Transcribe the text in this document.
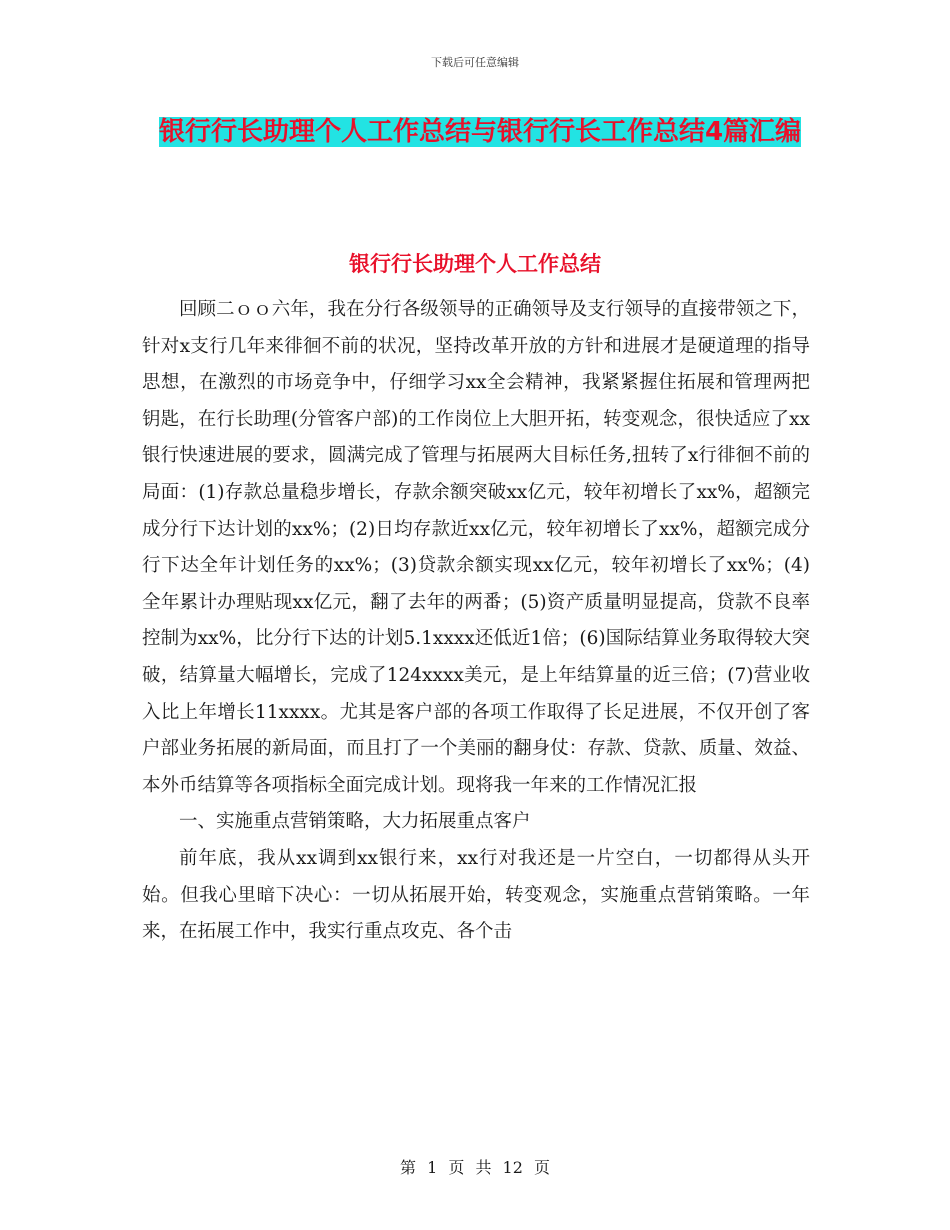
下载后可任意编辑
银行行长助理个人工作总结与银行行长工作总结4篇汇编
银行行长助理个人工作总结

回顾二ｏｏ六年，我在分行各级领导的正确领导及支行领导的直接带领之下，针对x支行几年来徘徊不前的状况，坚持改革开放的方针和进展才是硬道理的指导思想，在激烈的市场竞争中，仔细学习xx全会精神，我紧紧握住拓展和管理两把钥匙，在行长助理(分管客户部)的工作岗位上大胆开拓，转变观念，很快适应了xx银行快速进展的要求，圆满完成了管理与拓展两大目标任务,扭转了x行徘徊不前的局面：(1)存款总量稳步增长，存款余额突破xx亿元，较年初增长了xx%，超额完成分行下达计划的xx%；(2)日均存款近xx亿元，较年初增长了xx%，超额完成分行下达全年计划任务的xx%；(3)贷款余额实现xx亿元，较年初增长了xx%；(4)全年累计办理贴现xx亿元，翻了去年的两番；(5)资产质量明显提高，贷款不良率控制为xx%，比分行下达的计划5.1xxxx还低近1倍；(6)国际结算业务取得较大突破，结算量大幅增长，完成了124xxxx美元，是上年结算量的近三倍；(7)营业收入比上年增长11xxxx。尤其是客户部的各项工作取得了长足进展，不仅开创了客户部业务拓展的新局面，而且打了一个美丽的翻身仗：存款、贷款、质量、效益、本外币结算等各项指标全面完成计划。现将我一年来的工作情况汇报

一、实施重点营销策略，大力拓展重点客户

前年底，我从xx调到xx银行来，xx行对我还是一片空白，一切都得从头开始。但我心里暗下决心：一切从拓展开始，转变观念，实施重点营销策略。一年来，在拓展工作中，我实行重点攻克、各个击

第 1 页 共 12 页
